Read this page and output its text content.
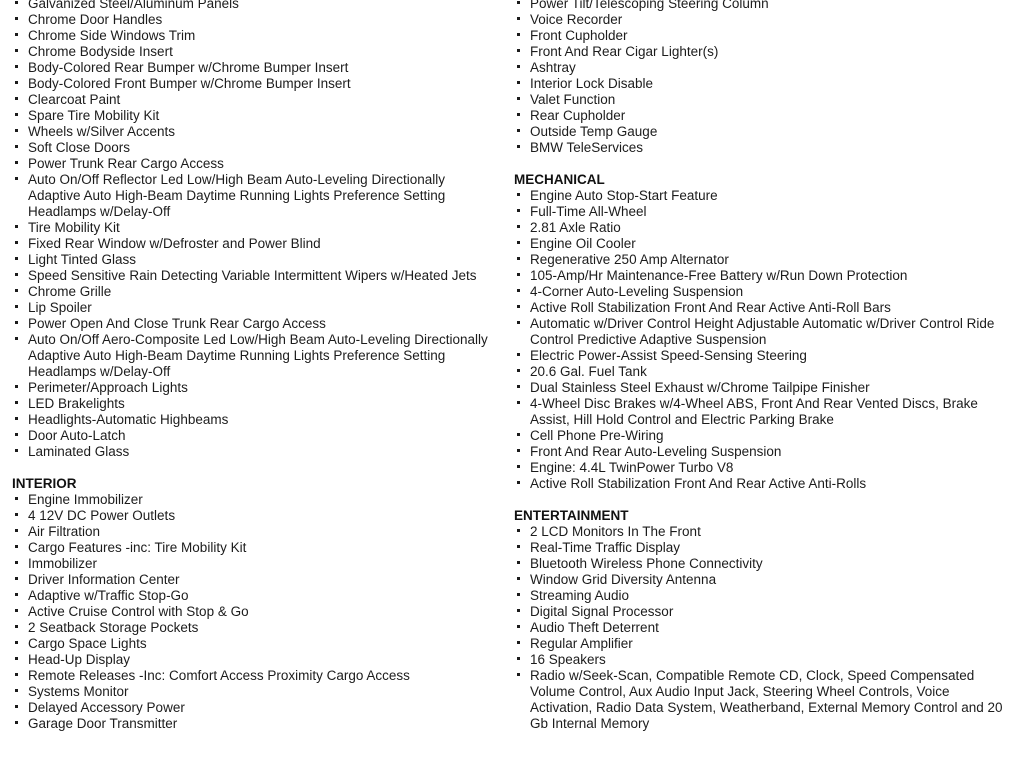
Galvanized Steel/Aluminum Panels
Chrome Door Handles
Chrome Side Windows Trim
Chrome Bodyside Insert
Body-Colored Rear Bumper w/Chrome Bumper Insert
Body-Colored Front Bumper w/Chrome Bumper Insert
Clearcoat Paint
Spare Tire Mobility Kit
Wheels w/Silver Accents
Soft Close Doors
Power Trunk Rear Cargo Access
Auto On/Off Reflector Led Low/High Beam Auto-Leveling Directionally Adaptive Auto High-Beam Daytime Running Lights Preference Setting Headlamps w/Delay-Off
Tire Mobility Kit
Fixed Rear Window w/Defroster and Power Blind
Light Tinted Glass
Speed Sensitive Rain Detecting Variable Intermittent Wipers w/Heated Jets
Chrome Grille
Lip Spoiler
Power Open And Close Trunk Rear Cargo Access
Auto On/Off Aero-Composite Led Low/High Beam Auto-Leveling Directionally Adaptive Auto High-Beam Daytime Running Lights Preference Setting Headlamps w/Delay-Off
Perimeter/Approach Lights
LED Brakelights
Headlights-Automatic Highbeams
Door Auto-Latch
Laminated Glass
INTERIOR
Engine Immobilizer
4 12V DC Power Outlets
Air Filtration
Cargo Features -inc: Tire Mobility Kit
Immobilizer
Driver Information Center
Adaptive w/Traffic Stop-Go
Active Cruise Control with Stop & Go
2 Seatback Storage Pockets
Cargo Space Lights
Head-Up Display
Remote Releases -Inc: Comfort Access Proximity Cargo Access
Systems Monitor
Delayed Accessory Power
Garage Door Transmitter
Power Tilt/Telescoping Steering Column
Voice Recorder
Front Cupholder
Front And Rear Cigar Lighter(s)
Ashtray
Interior Lock Disable
Valet Function
Rear Cupholder
Outside Temp Gauge
BMW TeleServices
MECHANICAL
Engine Auto Stop-Start Feature
Full-Time All-Wheel
2.81 Axle Ratio
Engine Oil Cooler
Regenerative 250 Amp Alternator
105-Amp/Hr Maintenance-Free Battery w/Run Down Protection
4-Corner Auto-Leveling Suspension
Active Roll Stabilization Front And Rear Active Anti-Roll Bars
Automatic w/Driver Control Height Adjustable Automatic w/Driver Control Ride Control Predictive Adaptive Suspension
Electric Power-Assist Speed-Sensing Steering
20.6 Gal. Fuel Tank
Dual Stainless Steel Exhaust w/Chrome Tailpipe Finisher
4-Wheel Disc Brakes w/4-Wheel ABS, Front And Rear Vented Discs, Brake Assist, Hill Hold Control and Electric Parking Brake
Cell Phone Pre-Wiring
Front And Rear Auto-Leveling Suspension
Engine: 4.4L TwinPower Turbo V8
Active Roll Stabilization Front And Rear Active Anti-Rolls
ENTERTAINMENT
2 LCD Monitors In The Front
Real-Time Traffic Display
Bluetooth Wireless Phone Connectivity
Window Grid Diversity Antenna
Streaming Audio
Digital Signal Processor
Audio Theft Deterrent
Regular Amplifier
16 Speakers
Radio w/Seek-Scan, Compatible Remote CD, Clock, Speed Compensated Volume Control, Aux Audio Input Jack, Steering Wheel Controls, Voice Activation, Radio Data System, Weatherband, External Memory Control and 20 Gb Internal Memory
